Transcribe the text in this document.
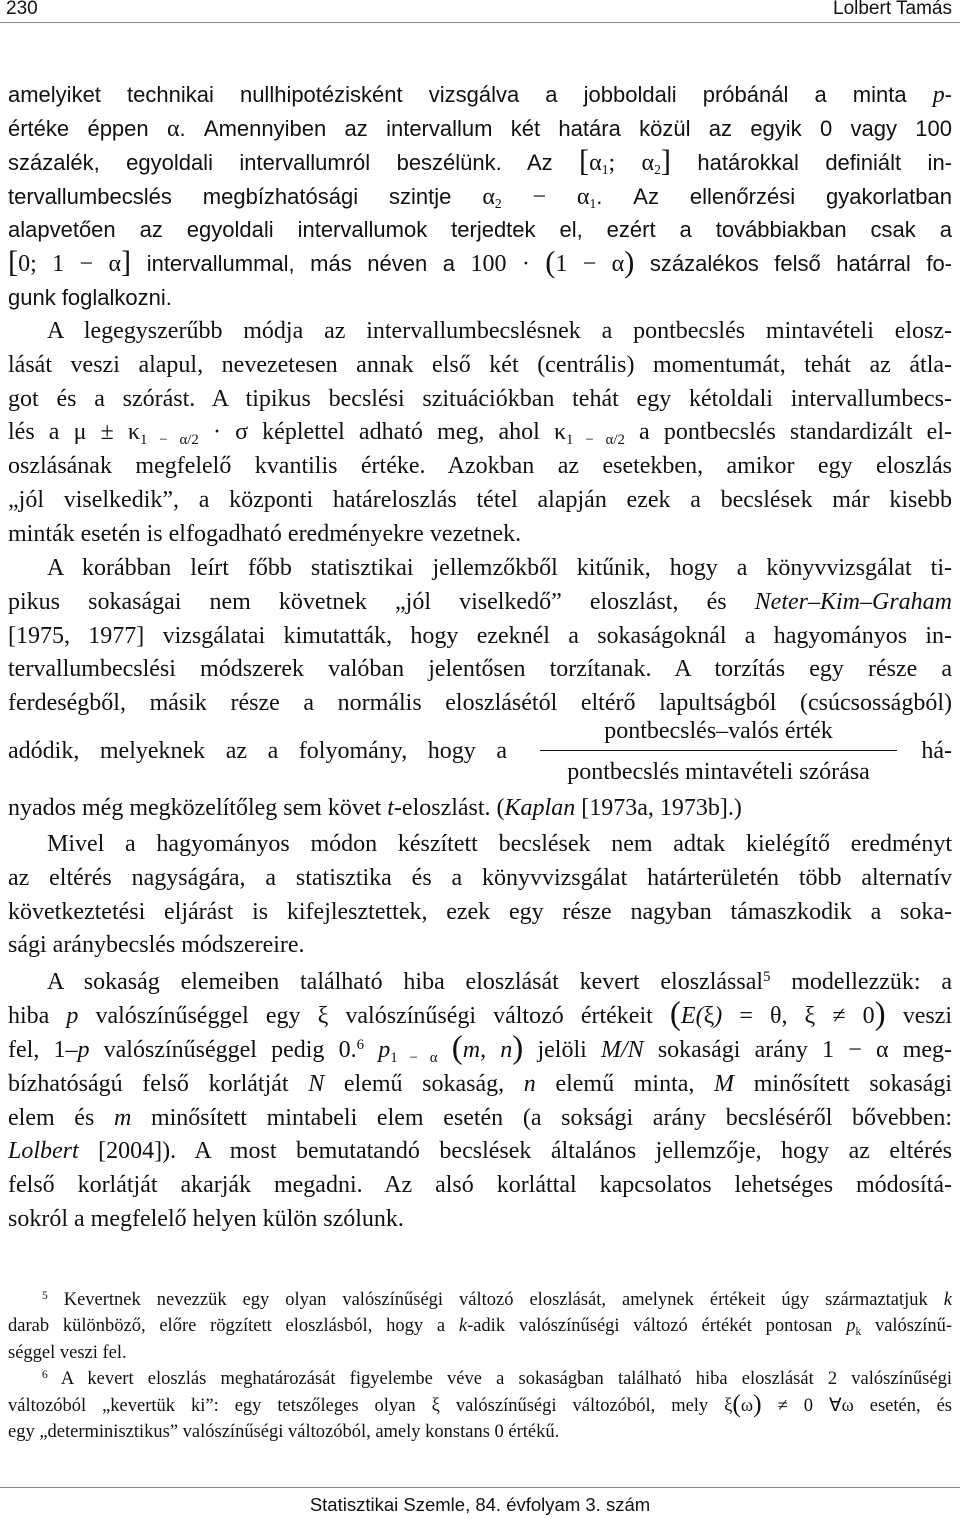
230	Lolbert Tamás
amelyiket technikai nullhipotézisként vizsgálva a jobboldali próbánál a minta p-
értéke éppen α. Amennyiben az intervallum két határa közül az egyik 0 vagy 100
százalék, egyoldali intervallumról beszélünk. Az [α1; α2] határokkal definiált in-
tervallumbecslés megbízhatósági szintje α2 − α1. Az ellenőrzési gyakorlatban
alapvetően az egyoldali intervallumok terjedtek el, ezért a továbbiakban csak a
[0; 1 − α] intervallummal, más néven a 100 · (1 − α) százalékos felső határral fo-
gunk foglalkozni.
A legegyszerűbb módja az intervallumbecslésnek a pontbecslés mintavételi elosz-
lását veszi alapul, nevezetesen annak első két (centrális) momentumát, tehát az átla-
got és a szórást. A tipikus becslési szituációkban tehát egy kétoldali intervallumbecs-
lés a μ ± κ1 − α/2 · σ képlettel adható meg, ahol κ1 − α/2 a pontbecslés standardizált el-
oszlásának megfelelő kvantilis értéke. Azokban az esetekben, amikor egy eloszlás
„jól viselkedik”, a központi határeloszlás tétel alapján ezek a becslések már kisebb
minták esetén is elfogadható eredményekre vezetnek.
A korábban leírt főbb statisztikai jellemzőkből kitűnik, hogy a könyvvizsgálat ti-
pikus sokaságai nem követnek „jól viselkedő” eloszlást, és Neter–Kim–Graham
[1975, 1977] vizsgálatai kimutatták, hogy ezeknél a sokaságoknál a hagyományos in-
tervallumbecslési módszerek valóban jelentősen torzítanak. A torzítás egy része a
ferdeségből, másik része a normális eloszlásétól eltérő lapultságból (csúcsosságból)
adódik, melyeknek az a folyomány, hogy a
pontbecslés–valós érték
pontbecslés mintavételi szórása
há-
nyados még megközelítőleg sem követ t-eloszlást. (Kaplan [1973a, 1973b].)
Mivel a hagyományos módon készített becslések nem adtak kielégítő eredményt
az eltérés nagyságára, a statisztika és a könyvvizsgálat határterületén több alternatív
következtetési eljárást is kifejlesztettek, ezek egy része nagyban támaszkodik a soka-
sági aránybecslés módszereire.
A sokaság elemeiben található hiba eloszlását kevert eloszlással$^5$ modellezzük: a
hiba p valószínűséggel egy ξ valószínűségi változó értékeit (E(ξ) = θ, ξ ≠ 0) veszi
fel, 1–p valószínűséggel pedig 0.$^6$ p1 − α (m, n) jelöli M/N sokasági arány 1 − α meg-
bízhatóságú felső korlátját N elemű sokaság, n elemű minta, M minősített sokasági
elem és m minősített mintabeli elem esetén (a soksági arány becsléséről bővebben:
Lolbert [2004]). A most bemutatandó becslések általános jellemzője, hogy az eltérés
felső korlátját akarják megadni. Az alsó korláttal kapcsolatos lehetséges módosítá-
sokról a megfelelő helyen külön szólunk.
$^5$ Kevertnek nevezzük egy olyan valószínűségi változó eloszlását, amelynek értékeit úgy származtatjuk k
darab különböző, előre rögzített eloszlásból, hogy a k-adik valószínűségi változó értékét pontosan pk valószínű-
séggel veszi fel.
$^6$ A kevert eloszlás meghatározását figyelembe véve a sokaságban található hiba eloszlását 2 valószínűségi
változóból „kevertük ki”: egy tetszőleges olyan ξ valószínűségi változóból, mely ξ(ω) ≠ 0 ∀ω esetén, és
egy „determinisztikus” valószínűségi változóból, amely konstans 0 értékű.
Statisztikai Szemle, 84. évfolyam 3. szám
